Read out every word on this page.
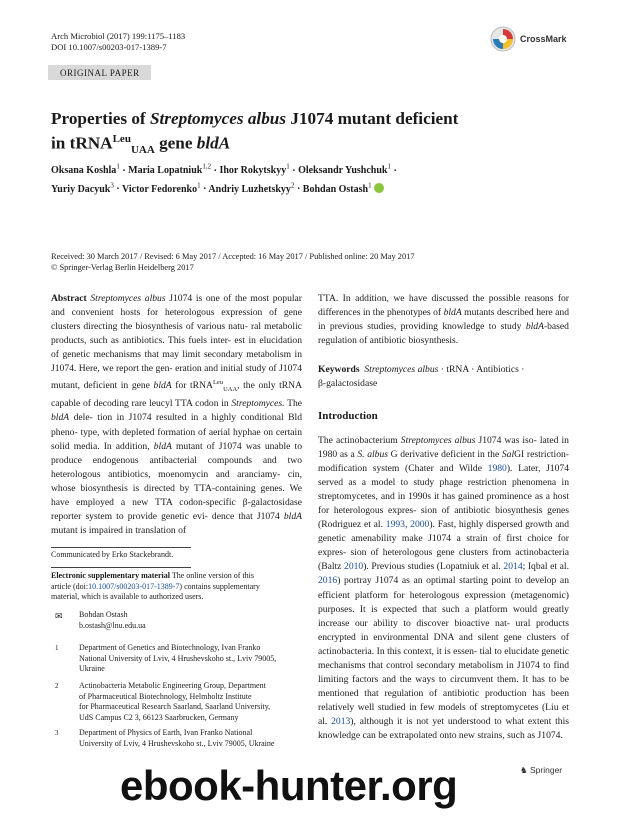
Arch Microbiol (2017) 199:1175–1183
DOI 10.1007/s00203-017-1389-7
CrossMark
ORIGINAL PAPER
Properties of Streptomyces albus J1074 mutant deficient
in tRNA$^{Leu}_{UAA}$ gene bldA
Oksana Koshla$^1$ · Maria Lopatniuk$^{1,2}$ · Ihor Rokytskyy$^1$ · Oleksandr Yushchuk$^1$ ·
Yuriy Dacyuk$^3$ · Victor Fedorenko$^1$ · Andriy Luzhetskyy$^2$ · Bohdan Ostash$^1$
Received: 30 March 2017 / Revised: 6 May 2017 / Accepted: 16 May 2017 / Published online: 20 May 2017
© Springer-Verlag Berlin Heidelberg 2017

Abstract Streptomyces albus J1074 is one of the most popular and convenient hosts for heterologous expression of gene clusters directing the biosynthesis of various natu- ral metabolic products, such as antibiotics. This fuels inter- est in elucidation of genetic mechanisms that may limit secondary metabolism in J1074. Here, we report the gen- eration and initial study of J1074 mutant, deficient in gene bldA for tRNA$^{Leu}_{UAA}$, the only tRNA capable of decoding rare leucyl TTA codon in Streptomyces. The bldA dele- tion in J1074 resulted in a highly conditional Bld pheno- type, with depleted formation of aerial hyphae on certain solid media. In addition, bldA mutant of J1074 was unable to produce endogenous antibacterial compounds and two heterologous antibiotics, moenomycin and aranciamy- cin, whose biosynthesis is directed by TTA-containing genes. We have employed a new TTA codon-specific β-galactosidase reporter system to provide genetic evi- dence that J1074 bldA mutant is impaired in translation of

Communicated by Erko Stackebrandt.
Electronic supplementary material The online version of this
article (doi:10.1007/s00203-017-1389-7) contains supplementary
material, which is available to authorized users.
✉ Bohdan Ostash
b.ostash@lnu.edu.ua
1	Department of Genetics and Biotechnology, Ivan Franko
National University of Lviv, 4 Hrushevskoho st., Lviv 79005,
Ukraine
2	Actinobacteria Metabolic Engineering Group, Department
of Pharmaceutical Biotechnology, Helmholtz Institute
for Pharmaceutical Research Saarland, Saarland University,
UdS Campus C2 3, 66123 Saarbrucken, Germany
3	Department of Physics of Earth, Ivan Franko National
University of Lviv, 4 Hrushevskoho st., Lviv 79005, Ukraine

TTA. In addition, we have discussed the possible reasons for differences in the phenotypes of bldA mutants described here and in previous studies, providing knowledge to study bldA-based regulation of antibiotic biosynthesis.

Keywords Streptomyces albus · tRNA · Antibiotics ·
β-galactosidase

Introduction

The actinobacterium Streptomyces albus J1074 was iso- lated in 1980 as a S. albus G derivative deficient in the SalGI restriction-modification system (Chater and Wilde 1980). Later, J1074 served as a model to study phage restriction phenomena in streptomycetes, and in 1990s it has gained prominence as a host for heterologous expres- sion of antibiotic biosynthesis genes (Rodriguez et al. 1993, 2000). Fast, highly dispersed growth and genetic amenability make J1074 a strain of first choice for expres- sion of heterologous gene clusters from actinobacteria (Baltz 2010). Previous studies (Lopatniuk et al. 2014; Iqbal et al. 2016) portray J1074 as an optimal starting point to develop an efficient platform for heterologous expression (metagenomic) purposes. It is expected that such a platform would greatly increase our ability to discover bioactive nat- ural products encrypted in environmental DNA and silent gene clusters of actinobacteria. In this context, it is essen- tial to elucidate genetic mechanisms that control secondary metabolism in J1074 to find limiting factors and the ways to circumvent them. It has to be mentioned that regulation of antibiotic production has been relatively well studied in few models of streptomycetes (Liu et al. 2013), although it is not yet understood to what extent this knowledge can be extrapolated onto new strains, such as J1074.

♞ Springer
ebook-hunter.org
